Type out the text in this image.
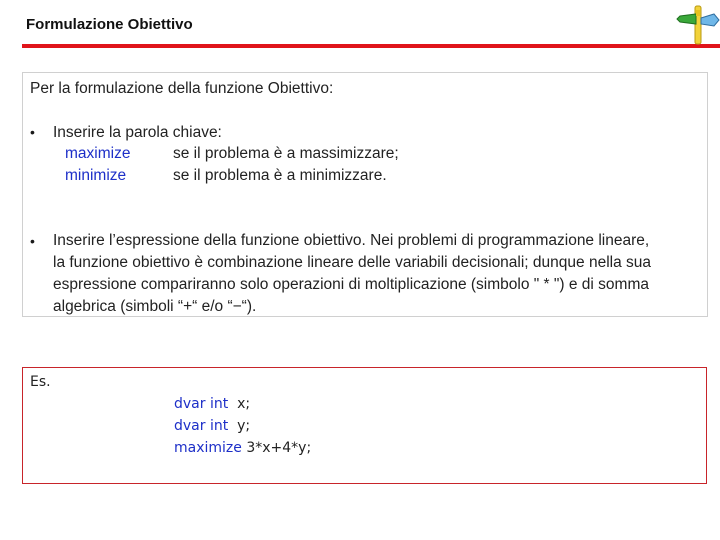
Formulazione Obiettivo
Per la formulazione della funzione Obiettivo:
• Inserire la parola chiave:
maximize	se il problema è a massimizzare;
minimize	se il problema è a minimizzare.
• Inserire l’espressione della funzione obiettivo. Nei problemi di programmazione lineare,
la funzione obiettivo è combinazione lineare delle variabili decisionali; dunque nella sua
espressione compariranno solo operazioni di moltiplicazione (simbolo " * ") e di somma
algebrica (simboli “+“ e/o “−“).
Es.
dvar int x;
dvar int y;
maximize 3*x+4*y;
